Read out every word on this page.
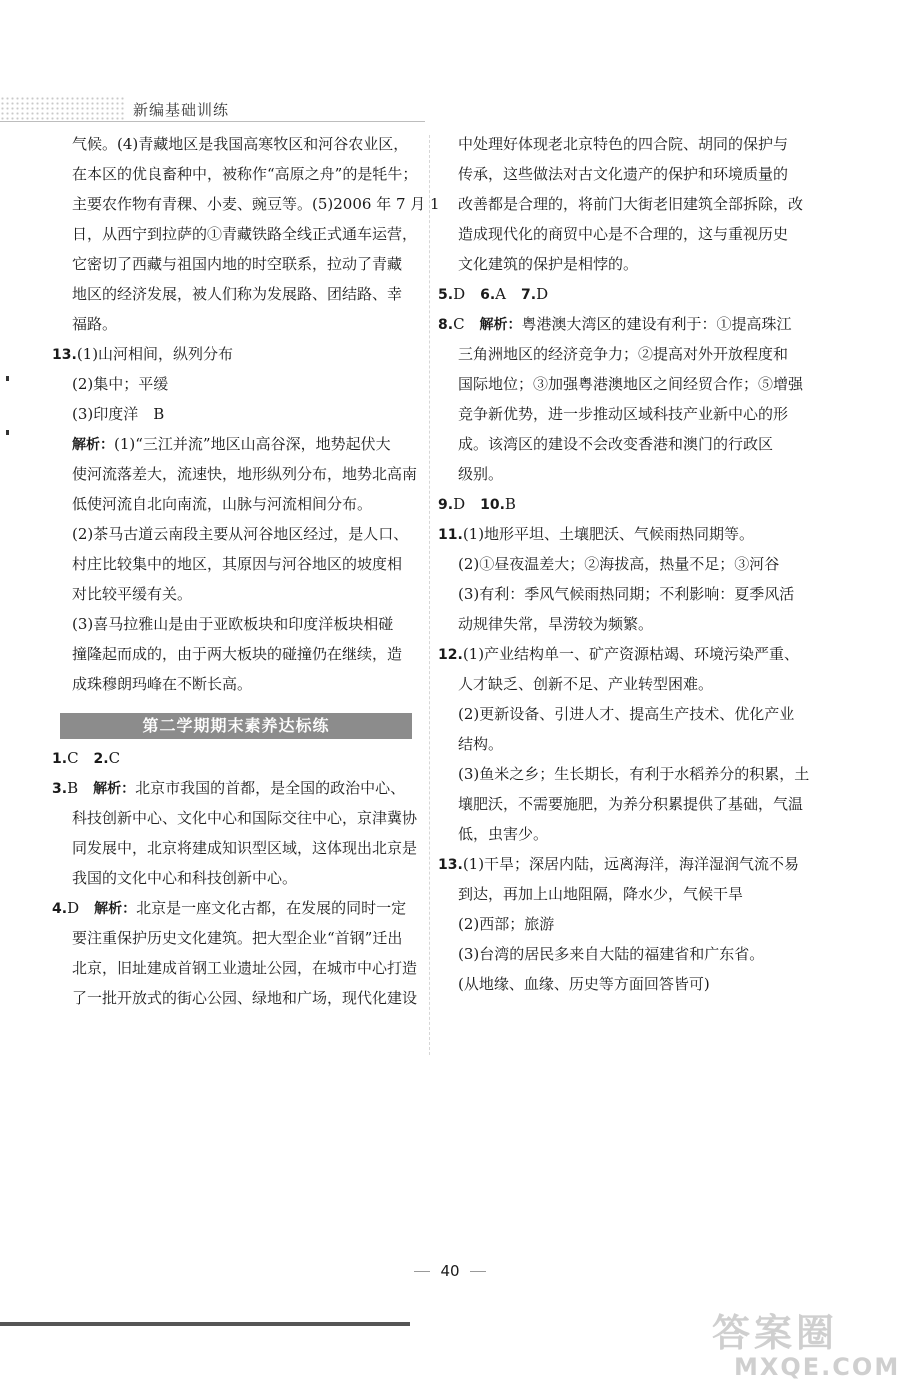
新编基础训练
气候。(4)青藏地区是我国高寒牧区和河谷农业区，
在本区的优良畜种中，被称作“高原之舟”的是牦牛；
主要农作物有青稞、小麦、豌豆等。(5)2006 年 7 月 1
日，从西宁到拉萨的①青藏铁路全线正式通车运营，
它密切了西藏与祖国内地的时空联系，拉动了青藏
地区的经济发展，被人们称为发展路、团结路、幸
福路。
13.(1)山河相间，纵列分布
(2)集中；平缓
(3)印度洋　B
解析：(1)“三江并流”地区山高谷深，地势起伏大
使河流落差大，流速快，地形纵列分布，地势北高南
低使河流自北向南流，山脉与河流相间分布。
(2)茶马古道云南段主要从河谷地区经过，是人口、
村庄比较集中的地区，其原因与河谷地区的坡度相
对比较平缓有关。
(3)喜马拉雅山是由于亚欧板块和印度洋板块相碰
撞隆起而成的，由于两大板块的碰撞仍在继续，造
成珠穆朗玛峰在不断长高。
第二学期期末素养达标练
1.C　2.C
3.B　解析：北京市我国的首都，是全国的政治中心、
科技创新中心、文化中心和国际交往中心，京津冀协
同发展中，北京将建成知识型区域，这体现出北京是
我国的文化中心和科技创新中心。
4.D　解析：北京是一座文化古都，在发展的同时一定
要注重保护历史文化建筑。把大型企业“首钢”迁出
北京，旧址建成首钢工业遗址公园，在城市中心打造
了一批开放式的街心公园、绿地和广场，现代化建设
中处理好体现老北京特色的四合院、胡同的保护与
传承，这些做法对古文化遗产的保护和环境质量的
改善都是合理的，将前门大街老旧建筑全部拆除，改
造成现代化的商贸中心是不合理的，这与重视历史
文化建筑的保护是相悖的。
5.D　6.A　7.D
8.C　解析：粤港澳大湾区的建设有利于：①提高珠江
三角洲地区的经济竞争力；②提高对外开放程度和
国际地位；③加强粤港澳地区之间经贸合作；⑤增强
竞争新优势，进一步推动区域科技产业新中心的形
成。该湾区的建设不会改变香港和澳门的行政区
级别。
9.D　10.B
11.(1)地形平坦、土壤肥沃、气候雨热同期等。
(2)①昼夜温差大；②海拔高，热量不足；③河谷
(3)有利：季风气候雨热同期；不利影响：夏季风活
动规律失常，旱涝较为频繁。
12.(1)产业结构单一、矿产资源枯竭、环境污染严重、
人才缺乏、创新不足、产业转型困难。
(2)更新设备、引进人才、提高生产技术、优化产业
结构。
(3)鱼米之乡；生长期长，有利于水稻养分的积累，土
壤肥沃，不需要施肥，为养分积累提供了基础，气温
低，虫害少。
13.(1)干旱；深居内陆，远离海洋，海洋湿润气流不易
到达，再加上山地阻隔，降水少，气候干旱
(2)西部；旅游
(3)台湾的居民多来自大陆的福建省和广东省。
(从地缘、血缘、历史等方面回答皆可)
40
答案圈
MXQE.COM
